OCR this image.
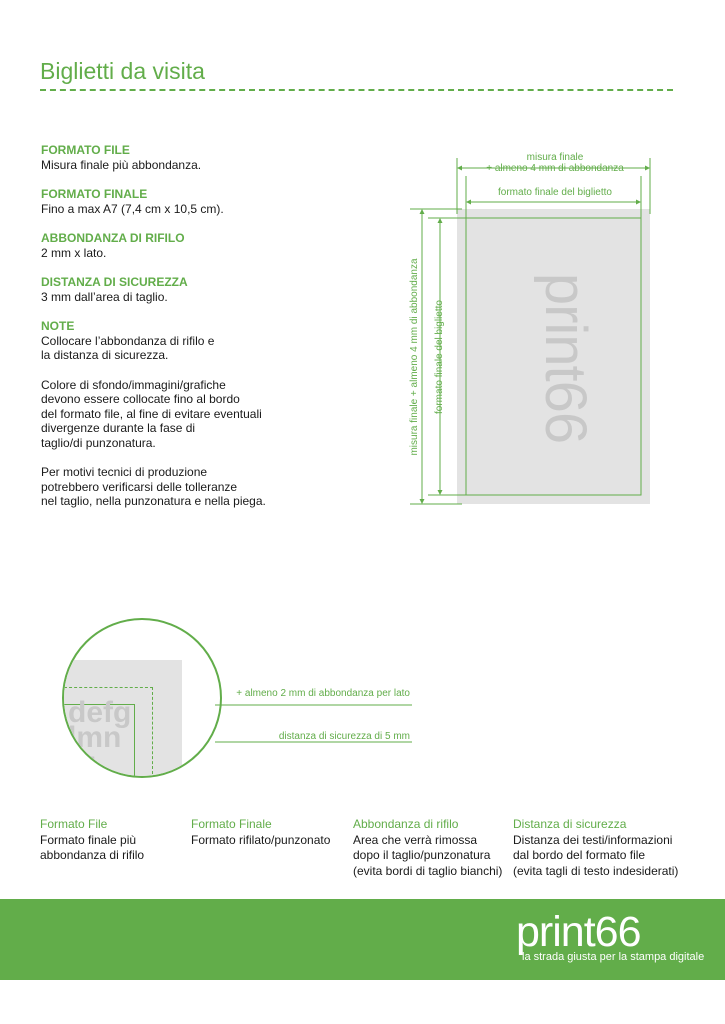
Biglietti da visita
FORMATO FILE
Misura finale più abbondanza.
FORMATO FINALE
Fino a max A7 (7,4 cm x 10,5 cm).
ABBONDANZA DI RIFILO
2 mm x lato.
DISTANZA DI SICUREZZA
3 mm dall’area di taglio.
NOTE
Collocare l’abbondanza di rifilo e
la distanza di sicurezza.
Colore di sfondo/immagini/grafiche
devono essere collocate fino al bordo
del formato file, al fine di evitare eventuali
divergenze durante la fase di
taglio/di punzonatura.
Per motivi tecnici di produzione
potrebbero verificarsi delle tolleranze
nel taglio, nella punzonatura e nella piega.
misura finale
+ almeno 4 mm di abbondanza
formato finale del biglietto
misura finale + almeno 4 mm di abbondanza formato finale del biglietto print66
defg
lmn
tu
+ almeno 2 mm di abbondanza per lato
distanza di sicurezza di 5 mm
Formato File
Formato finale più
abbondanza di rifilo
Formato Finale
Formato rifilato/punzonato
Abbondanza di rifilo
Area che verrà rimossa
dopo il taglio/punzonatura
(evita bordi di taglio bianchi)
Distanza di sicurezza
Distanza dei testi/informazioni
dal bordo del formato file
(evita tagli di testo indesiderati)
print66
la strada giusta per la stampa digitale
